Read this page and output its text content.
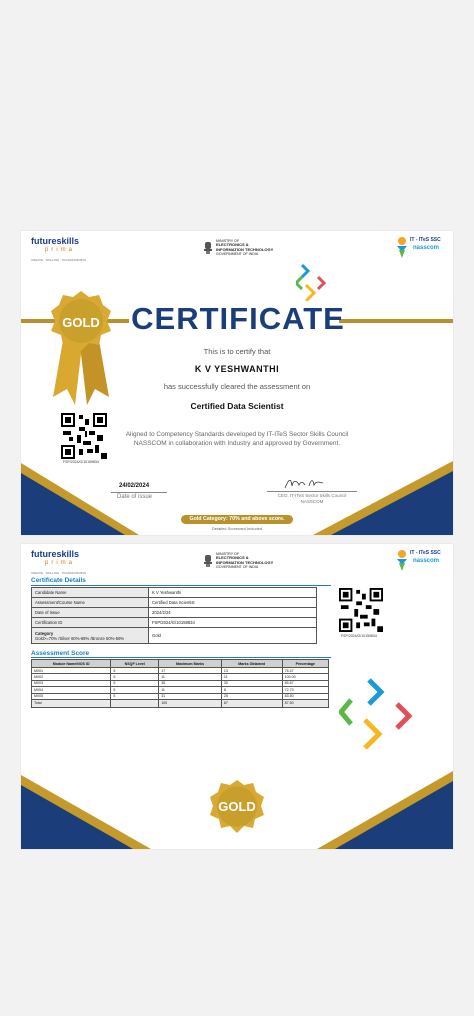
futureskills
prima
CREATE · SKILLING · TRANSFORMING
MINISTRY OF
ELECTRONICS &
INFORMATION TECHNOLOGY
GOVERNMENT OF INDIA
IT - ITeS SSC
nasscom
CERTIFICATE
GOLD
This is to certify that
K V YESHWANTHI
has successfully cleared the assessment on
Certified Data Scientist
Aligned to Competency Standards developed by IT-ITeS Sector Skills Council
NASSCOM in collaboration with Industry and approved by Government.
FSP/2024/G/10159834
24/02/2024
Date of issue	CEO, IT-ITeS Sector Skills Council
NASSCOM
Gold Category: 70% and above score.
Detailed Scorecard Included
futureskills
prima
CREATE · SKILLING · TRANSFORMING
MINISTRY OF
ELECTRONICS &
INFORMATION TECHNOLOGY
GOVERNMENT OF INDIA
IT - ITeS SSC
nasscom
Certificate Details
Candidate Name	K V Yeshwanthi
Assessment/Course Name	Certified Data Scientist
Date of Issue	2024/2/24
Certification ID	FSP/2024/G/10159834

Category
Gold>=70% /Silver 60%-69% /Bronze 50%-59%	Gold	FSP/2024/G/10159834
Assessment Score
Module Name/NOS ID	NSQF Level	Maximum Marks	Marks Obtained	Percentage
M001	5	17	13	76.47
M002	5	11	11	100.00
M003	5	35	30	85.67
M004	5	11	8	72.73
M005	5	31	25	83.50
Total		105	87	87.50
GOLD
